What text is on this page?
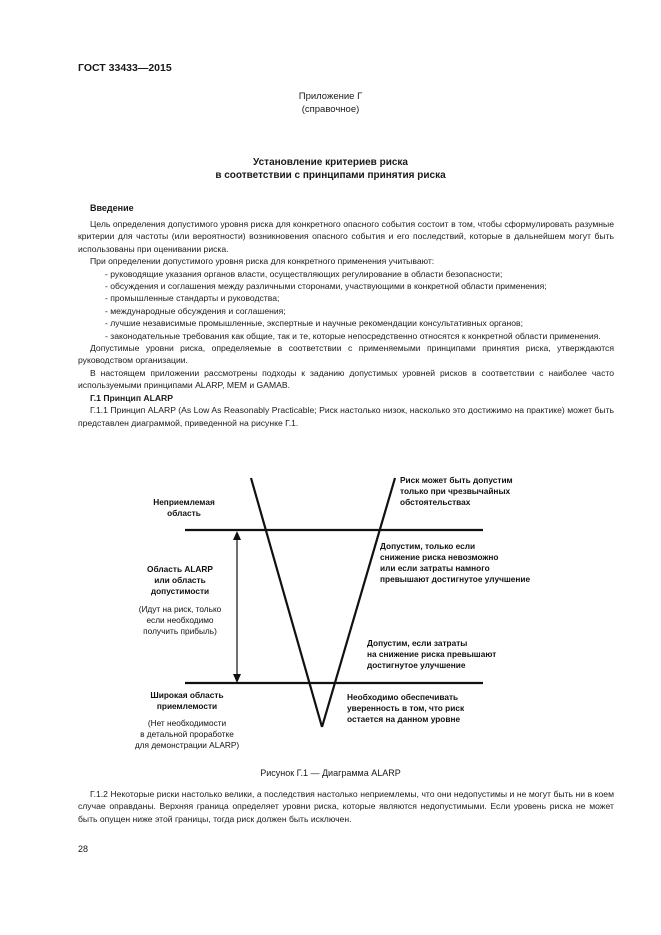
ГОСТ 33433—2015
Приложение Г
(справочное)
Установление критериев риска
в соответствии с принципами принятия риска
Введение

Цель определения допустимого уровня риска для конкретного опасного события состоит в том, чтобы сформулировать разумные критерии для частоты (или вероятности) возникновения опасного события и его последствий, которые в дальнейшем могут быть использованы при оценивании риска.

При определении допустимого уровня риска для конкретного применения учитывают:

- руководящие указания органов власти, осуществляющих регулирование в области безопасности;

- обсуждения и соглашения между различными сторонами, участвующими в конкретной области применения;

- промышленные стандарты и руководства;

- международные обсуждения и соглашения;

- лучшие независимые промышленные, экспертные и научные рекомендации консультативных органов;

- законодательные требования как общие, так и те, которые непосредственно относятся к конкретной области применения.

Допустимые уровни риска, определяемые в соответствии с применяемыми принципами принятия риска, утверждаются руководством организации.

В настоящем приложении рассмотрены подходы к заданию допустимых уровней рисков в соответствии с наиболее часто используемыми принципами ALARP, MEM и GAMAB.

Г.1 Принцип ALARP

Г.1.1 Принцип ALARP (As Low As Reasonably Practicable; Риск настолько низок, насколько это достижимо на практике) может быть представлен диаграммой, приведенной на рисунке Г.1.

Неприемлемая
область
Риск может быть допустим
только при чрезвычайных
обстоятельствах
Область ALARP
или область
допустимости
(Идут на риск, только
если необходимо
получить прибыль)
Допустим, только если
снижение риска невозможно
или если затраты намного
превышают достигнутое улучшение
Допустим, если затраты
на снижение риска превышают
достигнутое улучшение
Широкая область
приемлемости
(Нет необходимости
в детальной проработке
для демонстрации ALARP)
Необходимо обеспечивать
уверенность в том, что риск
остается на данном уровне
Рисунок Г.1 — Диаграмма ALARP

Г.1.2 Некоторые риски настолько велики, а последствия настолько неприемлемы, что они недопустимы и не могут быть ни в коем случае оправданы. Верхняя граница определяет уровни риска, которые являются недопустимыми. Если уровень риска не может быть опущен ниже этой границы, тогда риск должен быть исключен.

28
